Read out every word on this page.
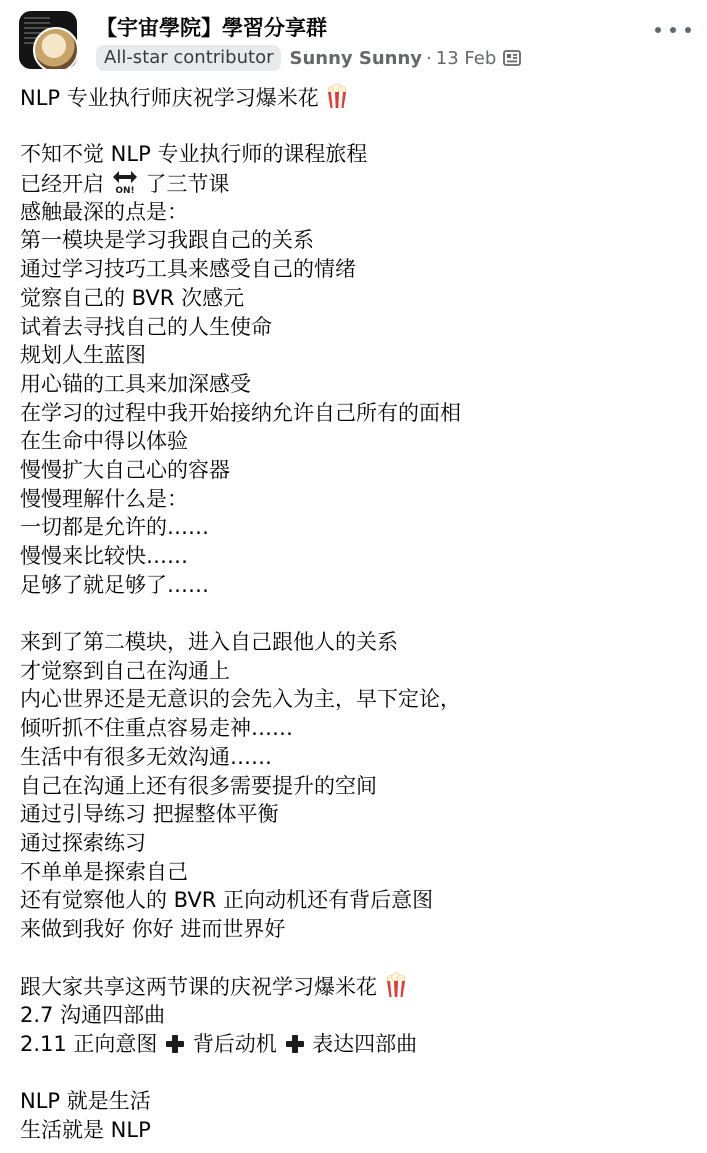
【宇宙學院】學習分享群
All-star contributor Sunny Sunny · 13 Feb
NLP 专业执行师庆祝学习爆米花
不知不觉 NLP 专业执行师的课程旅程
已经开启 ON! 了三节课
感触最深的点是：
第一模块是学习我跟自己的关系
通过学习技巧工具来感受自己的情绪
觉察自己的 BVR 次感元
试着去寻找自己的人生使命
规划人生蓝图
用心锚的工具来加深感受
在学习的过程中我开始接纳允许自己所有的面相
在生命中得以体验
慢慢扩大自己心的容器
慢慢理解什么是：
一切都是允许的……
慢慢来比较快……
足够了就足够了……
来到了第二模块，进入自己跟他人的关系
才觉察到自己在沟通上
内心世界还是无意识的会先入为主，早下定论，
倾听抓不住重点容易走神……
生活中有很多无效沟通……
自己在沟通上还有很多需要提升的空间
通过引导练习 把握整体平衡
通过探索练习
不单单是探索自己
还有觉察他人的 BVR 正向动机还有背后意图
来做到我好 你好 进而世界好
跟大家共享这两节课的庆祝学习爆米花
2.7 沟通四部曲
2.11 正向意图 背后动机 表达四部曲
NLP 就是生活
生活就是 NLP
